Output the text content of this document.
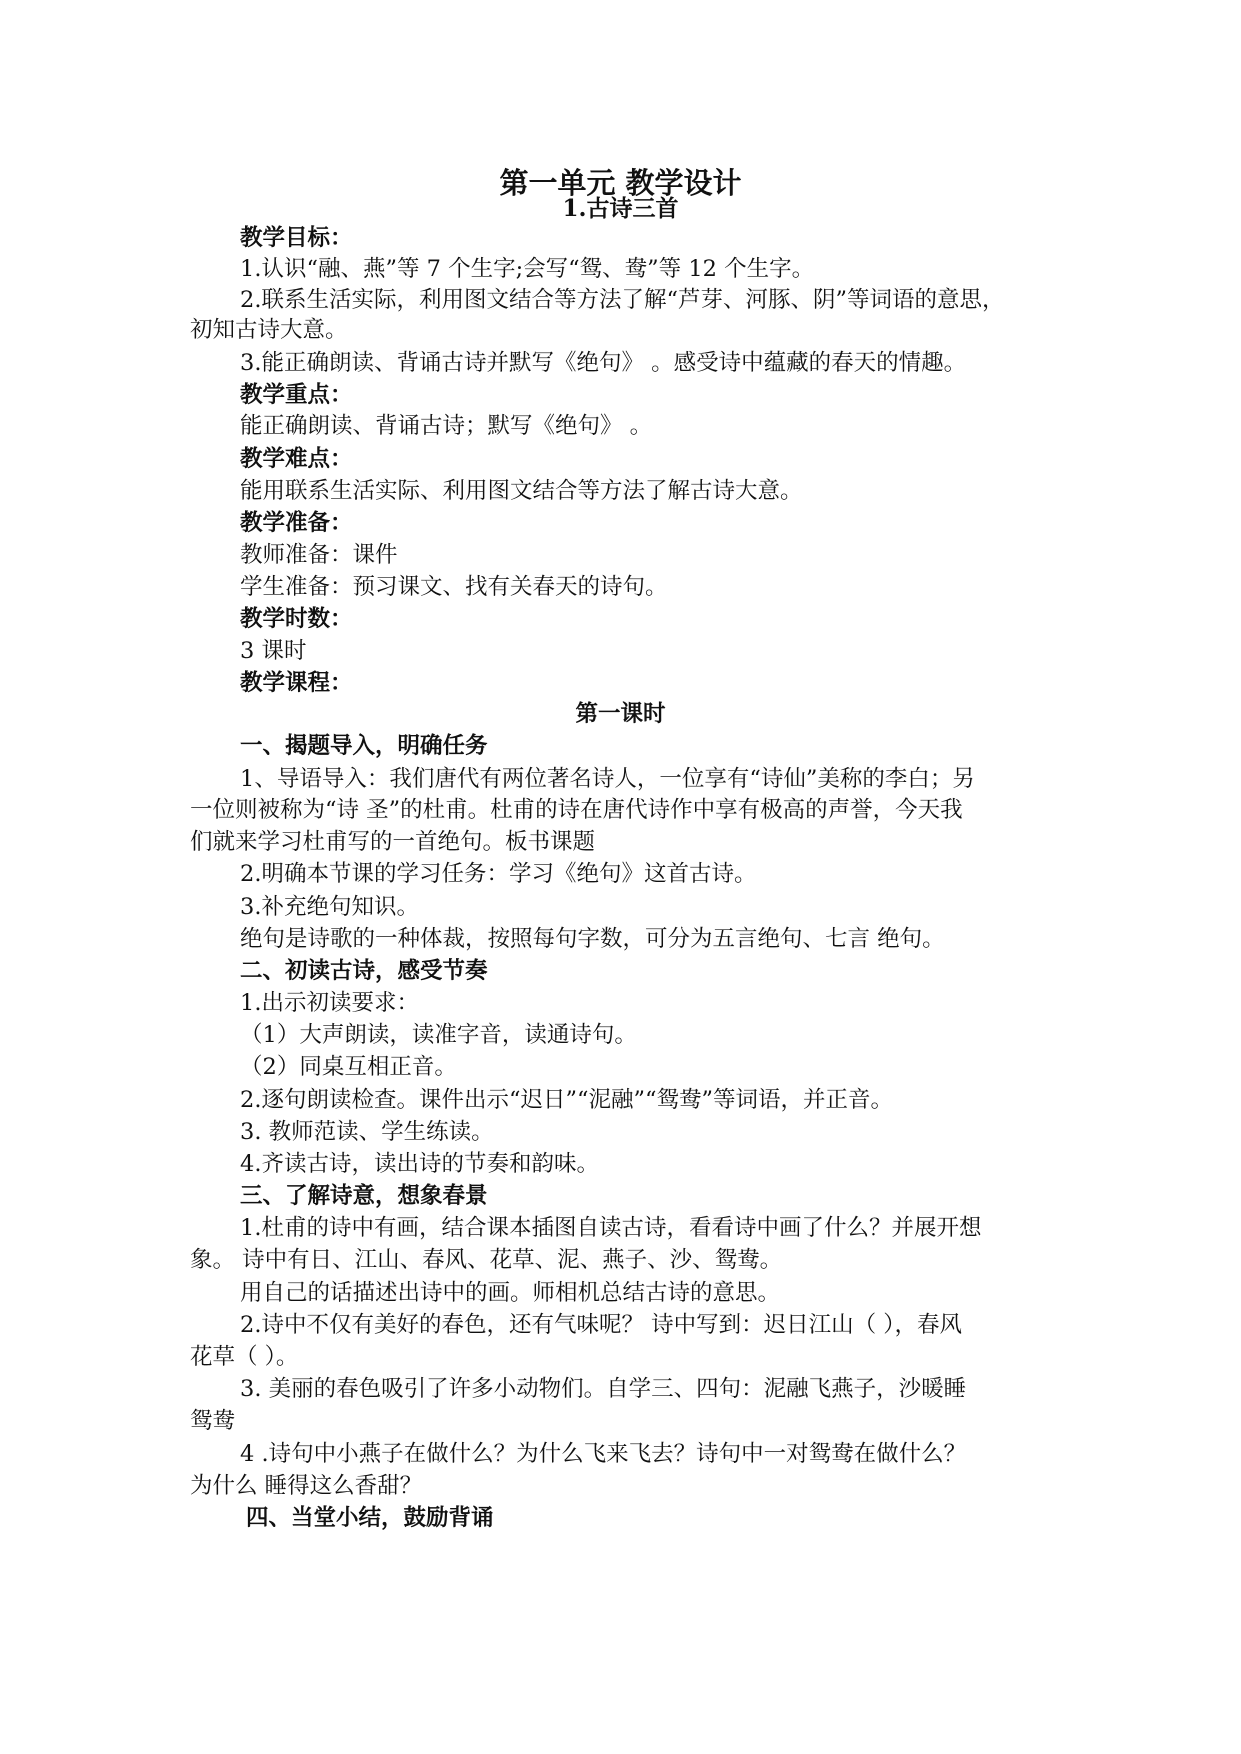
第一单元 教学设计
1.古诗三首

教学目标：

1.认识“融、燕”等 7 个生字;会写“鸳、鸯”等 12 个生字。

2.联系生活实际，利用图文结合等方法了解“芦芽、河豚、阴”等词语的意思，

初知古诗大意。

3.能正确朗读、背诵古诗并默写《绝句》 。感受诗中蕴藏的春天的情趣。

教学重点：

能正确朗读、背诵古诗；默写《绝句》 。

教学难点：

能用联系生活实际、利用图文结合等方法了解古诗大意。

教学准备：

教师准备：课件

学生准备：预习课文、找有关春天的诗句。

教学时数：

3 课时

教学课程：

第一课时

一、揭题导入，明确任务

1、导语导入：我们唐代有两位著名诗人，一位享有“诗仙”美称的李白；另

一位则被称为“诗 圣”的杜甫。杜甫的诗在唐代诗作中享有极高的声誉，今天我

们就来学习杜甫写的一首绝句。板书课题

2.明确本节课的学习任务：学习《绝句》这首古诗。

3.补充绝句知识。

绝句是诗歌的一种体裁，按照每句字数，可分为五言绝句、七言 绝句。

二、初读古诗，感受节奏

1.出示初读要求：

（1）大声朗读，读准字音，读通诗句。

（2）同桌互相正音。

2.逐句朗读检查。课件出示“迟日”“泥融”“鸳鸯”等词语，并正音。

3. 教师范读、学生练读。

4.齐读古诗，读出诗的节奏和韵味。

三、了解诗意，想象春景

1.杜甫的诗中有画，结合课本插图自读古诗，看看诗中画了什么？并展开想

象。 诗中有日、江山、春风、花草、泥、燕子、沙、鸳鸯。

用自己的话描述出诗中的画。师相机总结古诗的意思。

2.诗中不仅有美好的春色，还有气味呢？ 诗中写到：迟日江山（ ），春风

花草（ ）。

3. 美丽的春色吸引了许多小动物们。自学三、四句：泥融飞燕子，沙暖睡

鸳鸯

4 .诗句中小燕子在做什么？为什么飞来飞去？诗句中一对鸳鸯在做什么？

为什么 睡得这么香甜？

四、当堂小结，鼓励背诵
